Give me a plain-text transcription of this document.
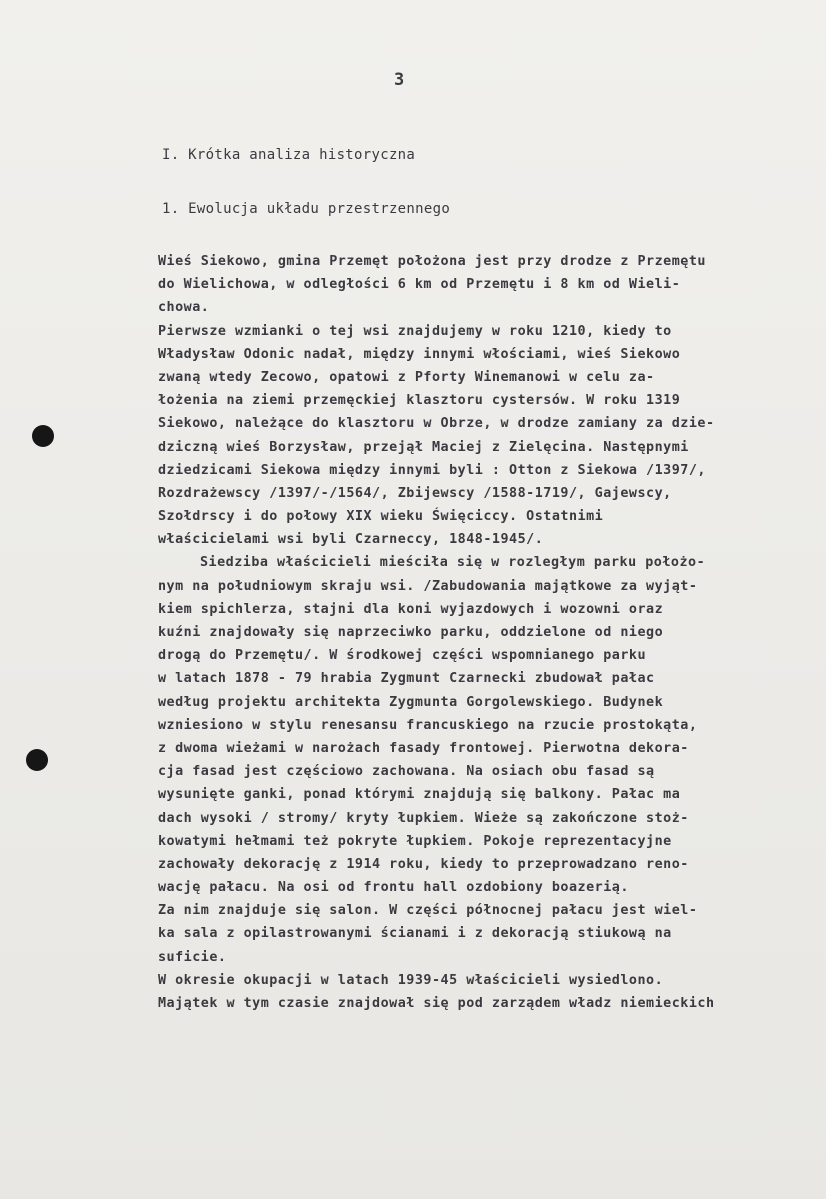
3
I. Krótka analiza historyczna
1. Ewolucja układu przestrzennego
Wieś Siekowo, gmina Przemęt położona jest przy drodze z Przemętu
do Wielichowa, w odległości 6 km od Przemętu i 8 km od Wieli-
chowa.
Pierwsze wzmianki o tej wsi znajdujemy w roku 1210, kiedy to
Władysław Odonic nadał, między innymi włościami, wieś Siekowo
zwaną wtedy Zecowo, opatowi z Pforty Winemanowi w celu za-
łożenia na ziemi przemęckiej klasztoru cystersów. W roku 1319
Siekowo, należące do klasztoru w Obrze, w drodze zamiany za dzie-
dziczną wieś Borzysław, przejął Maciej z Zielęcina. Następnymi
dziedzicami Siekowa między innymi byli : Otton z Siekowa /1397/,
Rozdrażewscy /1397/-/1564/, Zbijewscy /1588-1719/, Gajewscy,
Szołdrscy i do połowy XIX wieku Święciccy. Ostatnimi
właścicielami wsi byli Czarneccy, 1848-1945/.
Siedziba właścicieli mieściła się w rozległym parku położo-
nym na południowym skraju wsi. /Zabudowania majątkowe za wyjąt-
kiem spichlerza, stajni dla koni wyjazdowych i wozowni oraz
kuźni znajdowały się naprzeciwko parku, oddzielone od niego
drogą do Przemętu/. W środkowej części wspomnianego parku
w latach 1878 - 79 hrabia Zygmunt Czarnecki zbudował pałac
według projektu architekta Zygmunta Gorgolewskiego. Budynek
wzniesiono w stylu renesansu francuskiego na rzucie prostokąta,
z dwoma wieżami w narożach fasady frontowej. Pierwotna dekora-
cja fasad jest częściowo zachowana. Na osiach obu fasad są
wysunięte ganki, ponad którymi znajdują się balkony. Pałac ma
dach wysoki / stromy/ kryty łupkiem. Wieże są zakończone stoż-
kowatymi hełmami też pokryte łupkiem. Pokoje reprezentacyjne
zachowały dekorację z 1914 roku, kiedy to przeprowadzano reno-
wację pałacu. Na osi od frontu hall ozdobiony boazerią.
Za nim znajduje się salon. W części północnej pałacu jest wiel-
ka sala z opilastrowanymi ścianami i z dekoracją stiukową na
suficie.
W okresie okupacji w latach 1939-45 właścicieli wysiedlono.
Majątek w tym czasie znajdował się pod zarządem władz niemieckich
